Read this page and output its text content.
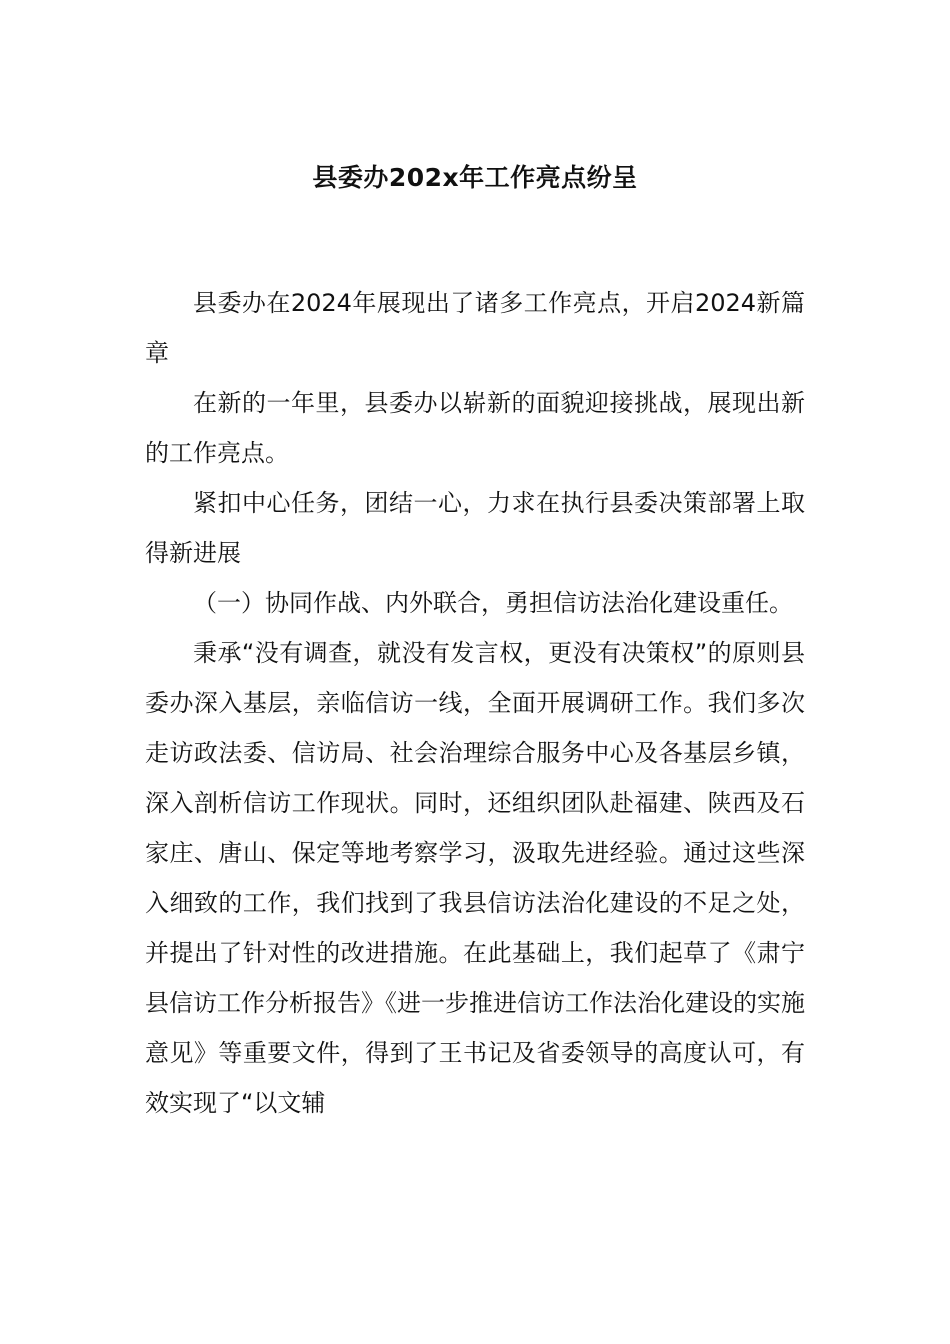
县委办202x年工作亮点纷呈

县委办在2024年展现出了诸多工作亮点，开启2024新篇章

在新的一年里，县委办以崭新的面貌迎接挑战，展现出新的工作亮点。

紧扣中心任务，团结一心，力求在执行县委决策部署上取得新进展

（一）协同作战、内外联合，勇担信访法治化建设重任。

秉承“没有调查，就没有发言权，更没有决策权”的原则县委办深入基层，亲临信访一线，全面开展调研工作。我们多次走访政法委、信访局、社会治理综合服务中心及各基层乡镇，深入剖析信访工作现状。同时，还组织团队赴福建、陕西及石家庄、唐山、保定等地考察学习，汲取先进经验。通过这些深入细致的工作，我们找到了我县信访法治化建设的不足之处，并提出了针对性的改进措施。在此基础上，我们起草了《肃宁县信访工作分析报告》《进一步推进信访工作法治化建设的实施意见》等重要文件，得到了王书记及省委领导的高度认可，有效实现了“以文辅
